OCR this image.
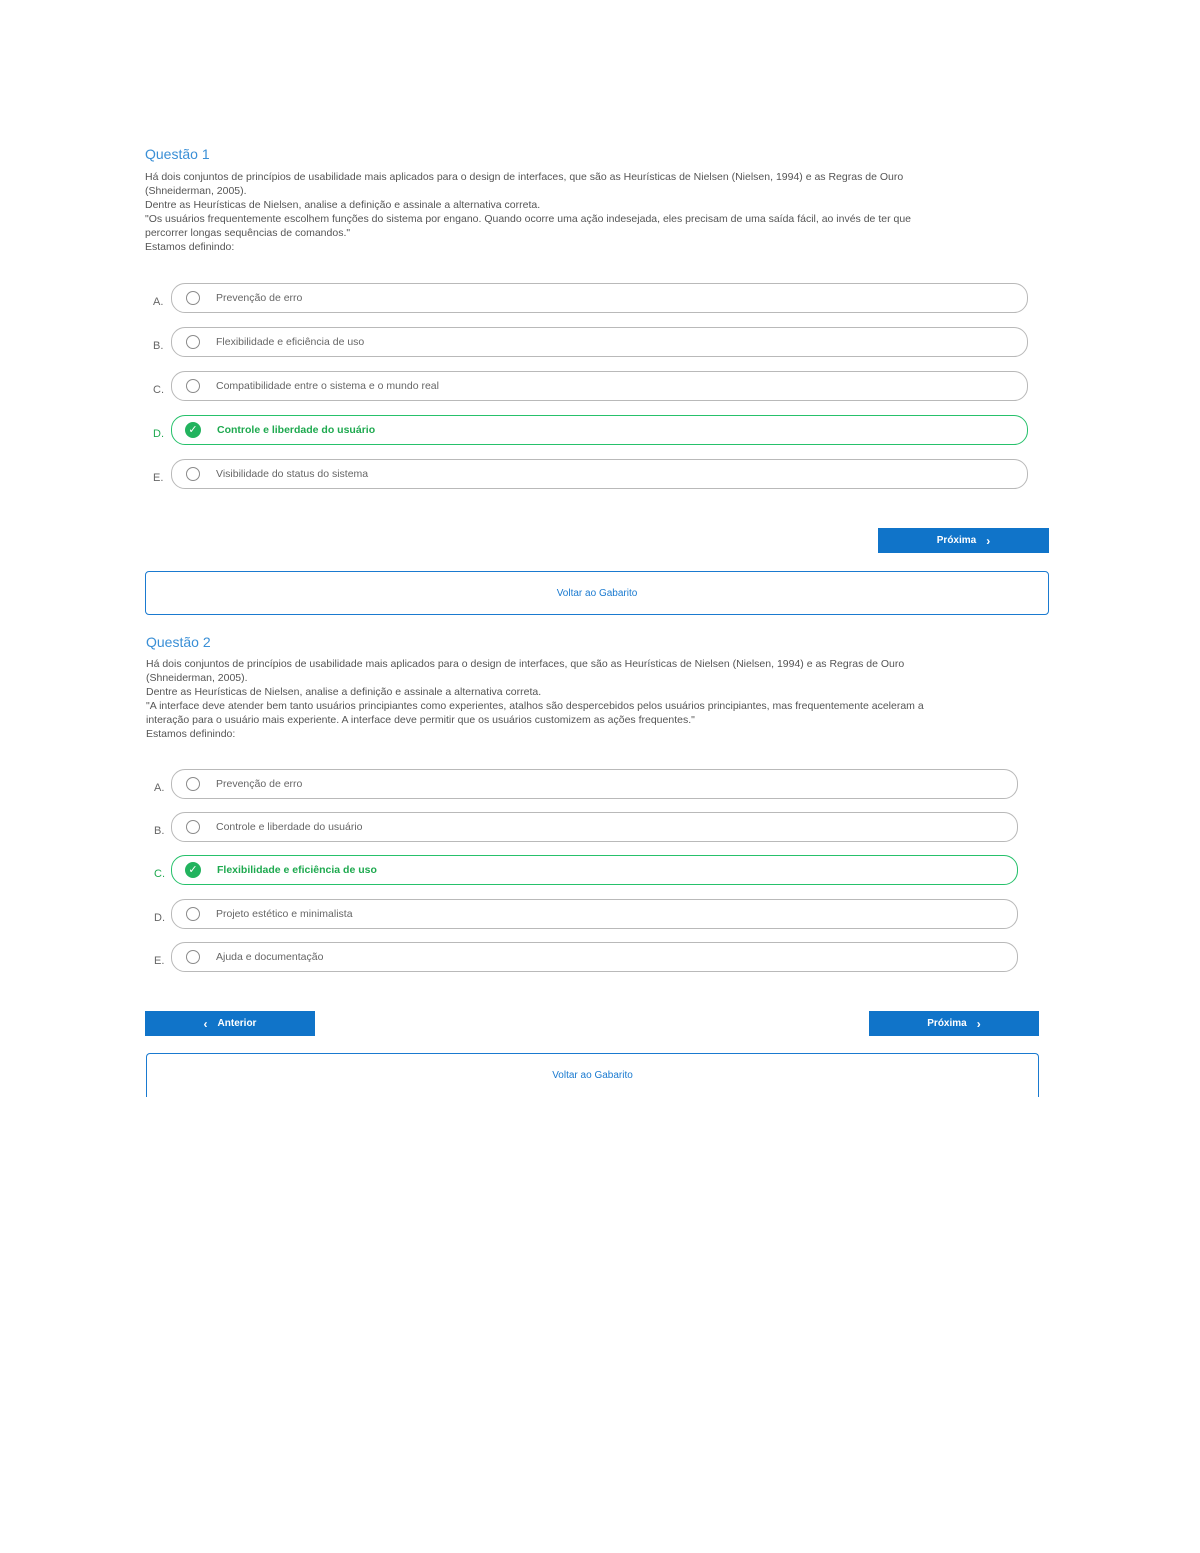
Questão 1
Há dois conjuntos de princípios de usabilidade mais aplicados para o design de interfaces, que são as Heurísticas de Nielsen (Nielsen, 1994) e as Regras de Ouro
(Shneiderman, 2005).
Dentre as Heurísticas de Nielsen, analise a definição e assinale a alternativa correta.
"Os usuários frequentemente escolhem funções do sistema por engano. Quando ocorre uma ação indesejada, eles precisam de uma saída fácil, ao invés de ter que
percorrer longas sequências de comandos."
Estamos definindo:
A.	Prevenção de erro
B.	Flexibilidade e eficiência de uso
C.	Compatibilidade entre o sistema e o mundo real
D.	✓	Controle e liberdade do usuário
E.	Visibilidade do status do sistema
Próxima ›
Voltar ao Gabarito
Questão 2
Há dois conjuntos de princípios de usabilidade mais aplicados para o design de interfaces, que são as Heurísticas de Nielsen (Nielsen, 1994) e as Regras de Ouro
(Shneiderman, 2005).
Dentre as Heurísticas de Nielsen, analise a definição e assinale a alternativa correta.
"A interface deve atender bem tanto usuários principiantes como experientes, atalhos são despercebidos pelos usuários principiantes, mas frequentemente aceleram a
interação para o usuário mais experiente. A interface deve permitir que os usuários customizem as ações frequentes."
Estamos definindo:
A.	Prevenção de erro
B.	Controle e liberdade do usuário
C.	✓	Flexibilidade e eficiência de uso
D.	Projeto estético e minimalista
E.	Ajuda e documentação
‹ Anterior	Próxima ›
Voltar ao Gabarito
